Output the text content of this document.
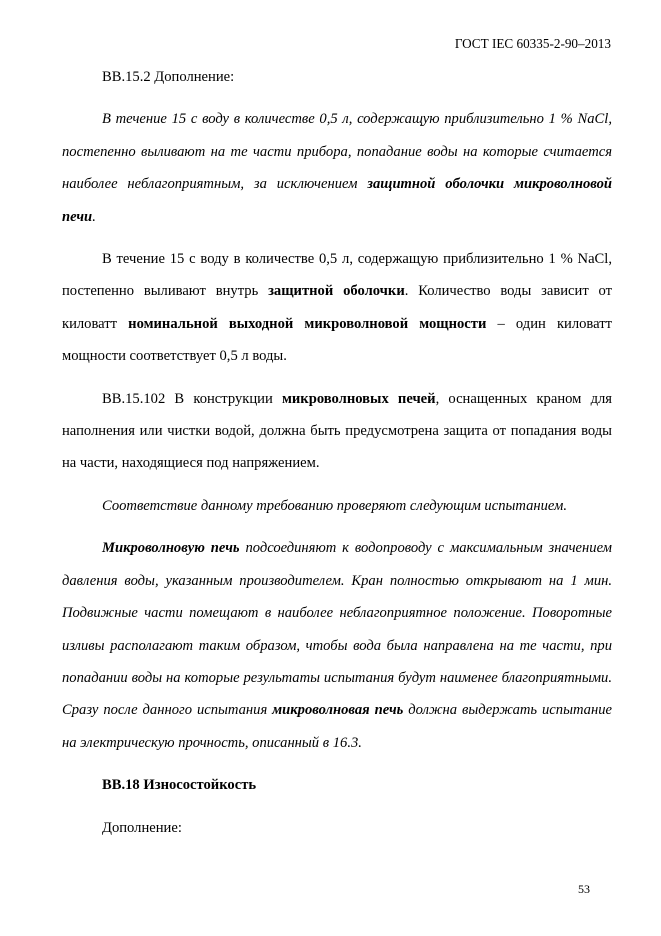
ГОСТ IEC 60335-2-90–2013

BB.15.2 Дополнение:

В течение 15 с воду в количестве 0,5 л, содержащую приблизительно 1 % NaCl, постепенно выливают на те части прибора, попадание воды на которые считается наиболее неблагоприятным, за исключением защитной оболочки микроволновой печи.

В течение 15 с воду в количестве 0,5 л, содержащую приблизительно 1 % NaCl, постепенно выливают внутрь защитной оболочки. Количество воды зависит от киловатт номинальной выходной микроволновой мощности – один киловатт мощности соответствует 0,5 л воды.

BB.15.102 В конструкции микроволновых печей, оснащенных краном для наполнения или чистки водой, должна быть предусмотрена защита от попадания воды на части, находящиеся под напряжением.

Соответствие данному требованию проверяют следующим испытанием.

Микроволновую печь подсоединяют к водопроводу с максимальным значением давления воды, указанным производителем. Кран полностью открывают на 1 мин. Подвижные части помещают в наиболее неблагоприятное положение. Поворотные изливы располагают таким образом, чтобы вода была направлена на те части, при попадании воды на которые результаты испытания будут наименее благоприятными. Сразу после данного испытания микроволновая печь должна выдержать испытание на электрическую прочность, описанный в 16.3.

BB.18 Износостойкость

Дополнение:

53
